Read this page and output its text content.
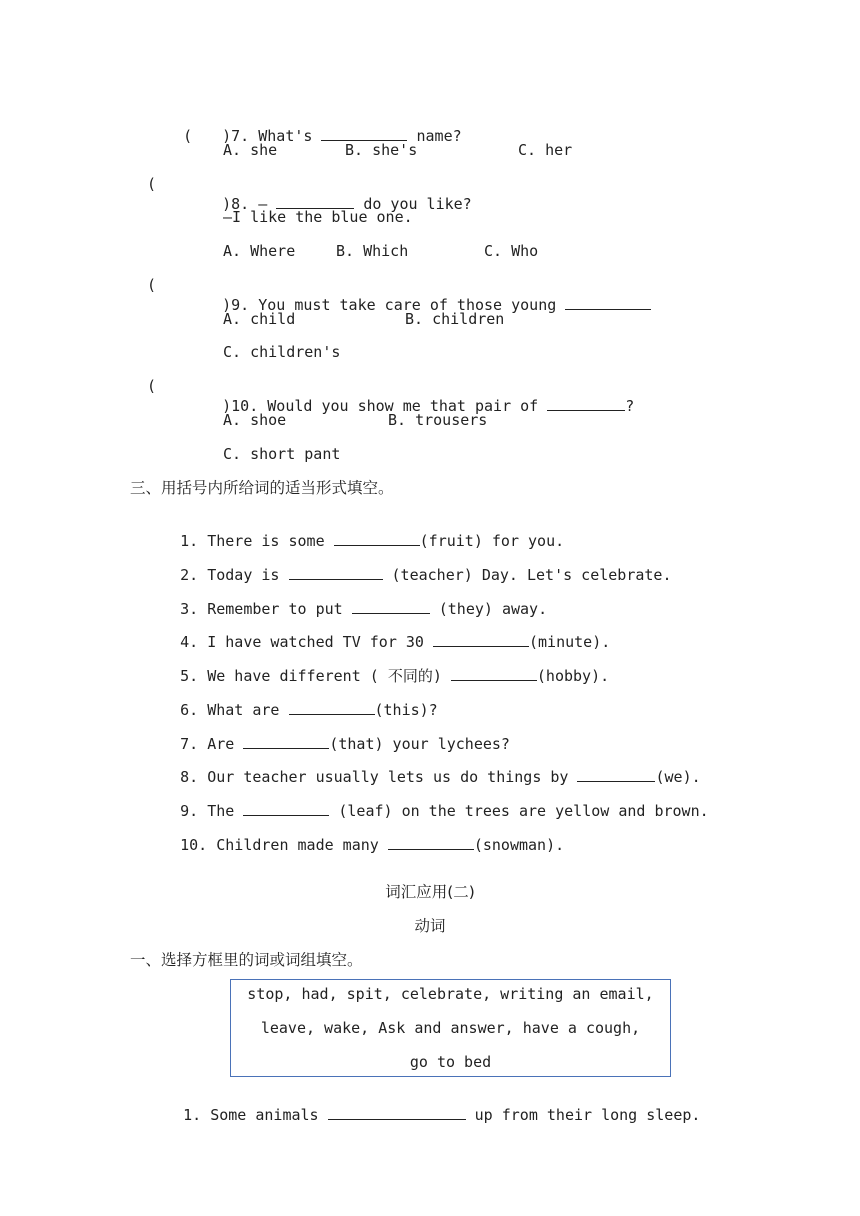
(
	)7. What's	name?

A. she	B. she's	C. her
(

)8. —	do you like?

—I like the blue one.
A. Where	B. Which	C. Who
(

)9. You must take care of those young

A. child	B. children
C. children's
(

)10. Would you show me that pair of	?

A. shoe	B. trousers
C. short pant
三、用括号内所给词的适当形式填空。

1. There is some	(fruit) for you.

2. Today is	(teacher) Day. Let's celebrate.

3. Remember to put	(they) away.

4. I have watched TV for 30	(minute).

5. We have different ( 不同的)	(hobby).

6. What are	(this)?

7. Are	(that) your lychees?

8. Our teacher usually lets us do things by	(we).

9. The	(leaf) on the trees are yellow and brown.

10. Children made many	(snowman).

词汇应用(二)
动词
一、选择方框里的词或词组填空。
stop, had, spit, celebrate, writing an email,
leave, wake, Ask and answer, have a cough,
go to bed

1. Some animals	up from their long sleep.
